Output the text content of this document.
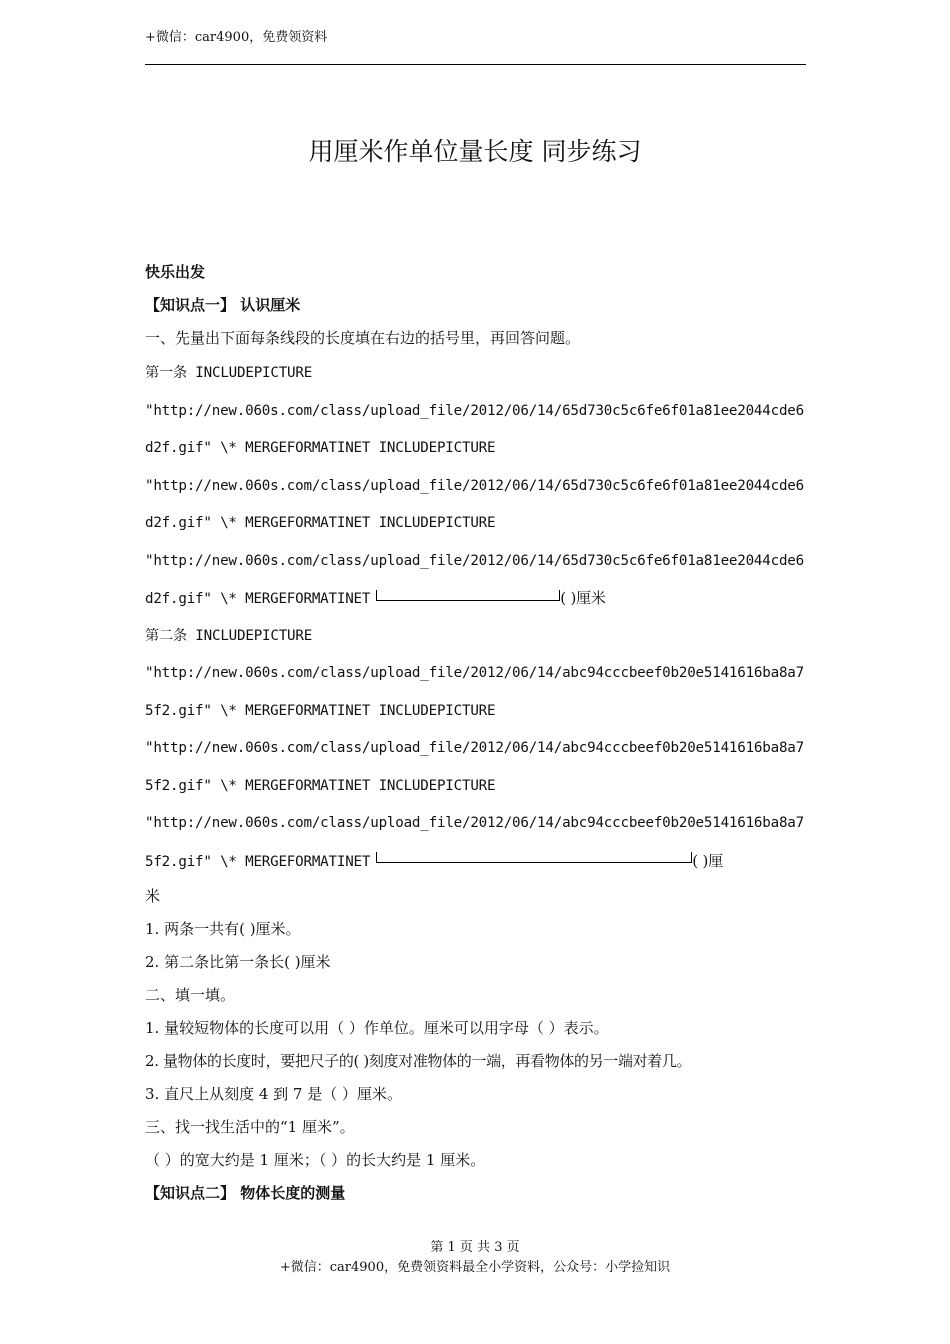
+微信：car4900，免费领资料
用厘米作单位量长度 同步练习
快乐出发
【知识点一】 认识厘米
一、先量出下面每条线段的长度填在右边的括号里，再回答问题。
第一条 INCLUDEPICTURE
"http://new.060s.com/class/upload_file/2012/06/14/65d730c5c6fe6f01a81ee2044cde6
d2f.gif" \* MERGEFORMATINET INCLUDEPICTURE
"http://new.060s.com/class/upload_file/2012/06/14/65d730c5c6fe6f01a81ee2044cde6
d2f.gif" \* MERGEFORMATINET INCLUDEPICTURE
"http://new.060s.com/class/upload_file/2012/06/14/65d730c5c6fe6f01a81ee2044cde6
d2f.gif" \* MERGEFORMATINET	( )厘米
第二条 INCLUDEPICTURE
"http://new.060s.com/class/upload_file/2012/06/14/abc94cccbeef0b20e5141616ba8a7
5f2.gif" \* MERGEFORMATINET INCLUDEPICTURE
"http://new.060s.com/class/upload_file/2012/06/14/abc94cccbeef0b20e5141616ba8a7
5f2.gif" \* MERGEFORMATINET INCLUDEPICTURE
"http://new.060s.com/class/upload_file/2012/06/14/abc94cccbeef0b20e5141616ba8a7
5f2.gif" \* MERGEFORMATINET	( )厘
米
1. 两条一共有( )厘米。
2. 第二条比第一条长( )厘米
二、填一填。
1. 量较短物体的长度可以用（ ）作单位。厘米可以用字母（ ）表示。
2. 量物体的长度时，要把尺子的( )刻度对准物体的一端，再看物体的另一端对着几。
3. 直尺上从刻度 4 到 7 是（ ）厘米。
三、找一找生活中的“1 厘米”。
（ ）的宽大约是 1 厘米；（ ）的长大约是 1 厘米。
【知识点二】 物体长度的测量
第 1 页 共 3 页
+微信：car4900，免费领资料最全小学资料，公众号：小学捡知识
